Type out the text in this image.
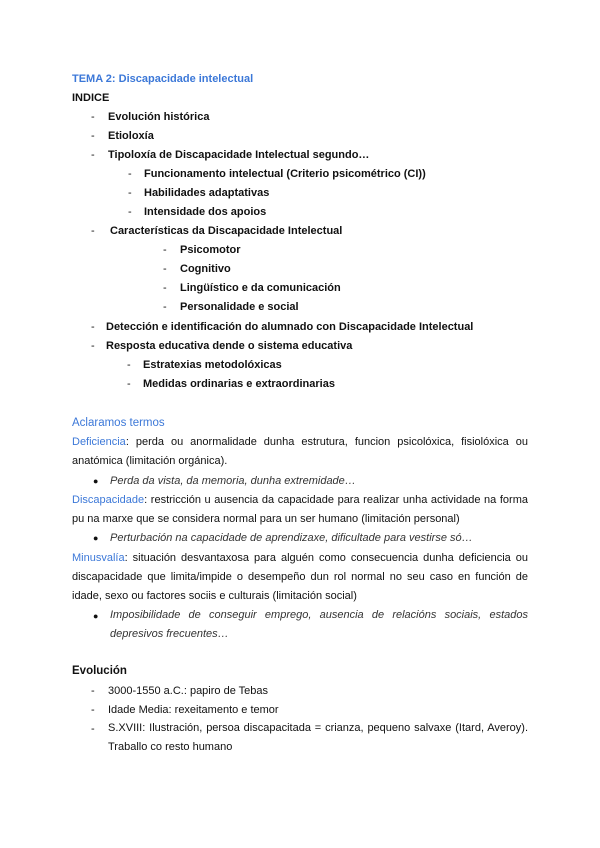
TEMA 2: Discapacidade intelectual
INDICE
- Evolución histórica
- Etioloxía
- Tipoloxía de Discapacidade Intelectual segundo…
- Funcionamento intelectual (Criterio psicométrico (CI))
- Habilidades adaptativas
- Intensidade dos apoios
- Características da Discapacidade Intelectual
- Psicomotor
- Cognitivo
- Lingüístico e da comunicación
- Personalidade e social
- Detección e identificación do alumnado con Discapacidade Intelectual
- Resposta educativa dende o sistema educativa
- Estratexias metodolóxicas
- Medidas ordinarias e extraordinarias
Aclaramos termos
Deficiencia: perda ou anormalidade dunha estrutura, funcion psicolóxica, fisiolóxica ou anatómica (limitación orgánica).
● Perda da vista, da memoria, dunha extremidade…
Discapacidade: restricción u ausencia da capacidade para realizar unha actividade na forma pu na marxe que se considera normal para un ser humano (limitación personal)
● Perturbación na capacidade de aprendizaxe, dificultade para vestirse só…
Minusvalía: situación desvantaxosa para alguén como consecuencia dunha deficiencia ou discapacidade que limita/impide o desempeño dun rol normal no seu caso en función de idade, sexo ou factores sociis e culturais (limitación social)
● Imposibilidade de conseguir emprego, ausencia de relacións sociais, estados depresivos frecuentes…
Evolución
- 3000-1550 a.C.: papiro de Tebas
- Idade Media: rexeitamento e temor
- S.XVIII: Ilustración, persoa discapacitada = crianza, pequeno salvaxe (Itard, Averoy). Traballo co resto humano
